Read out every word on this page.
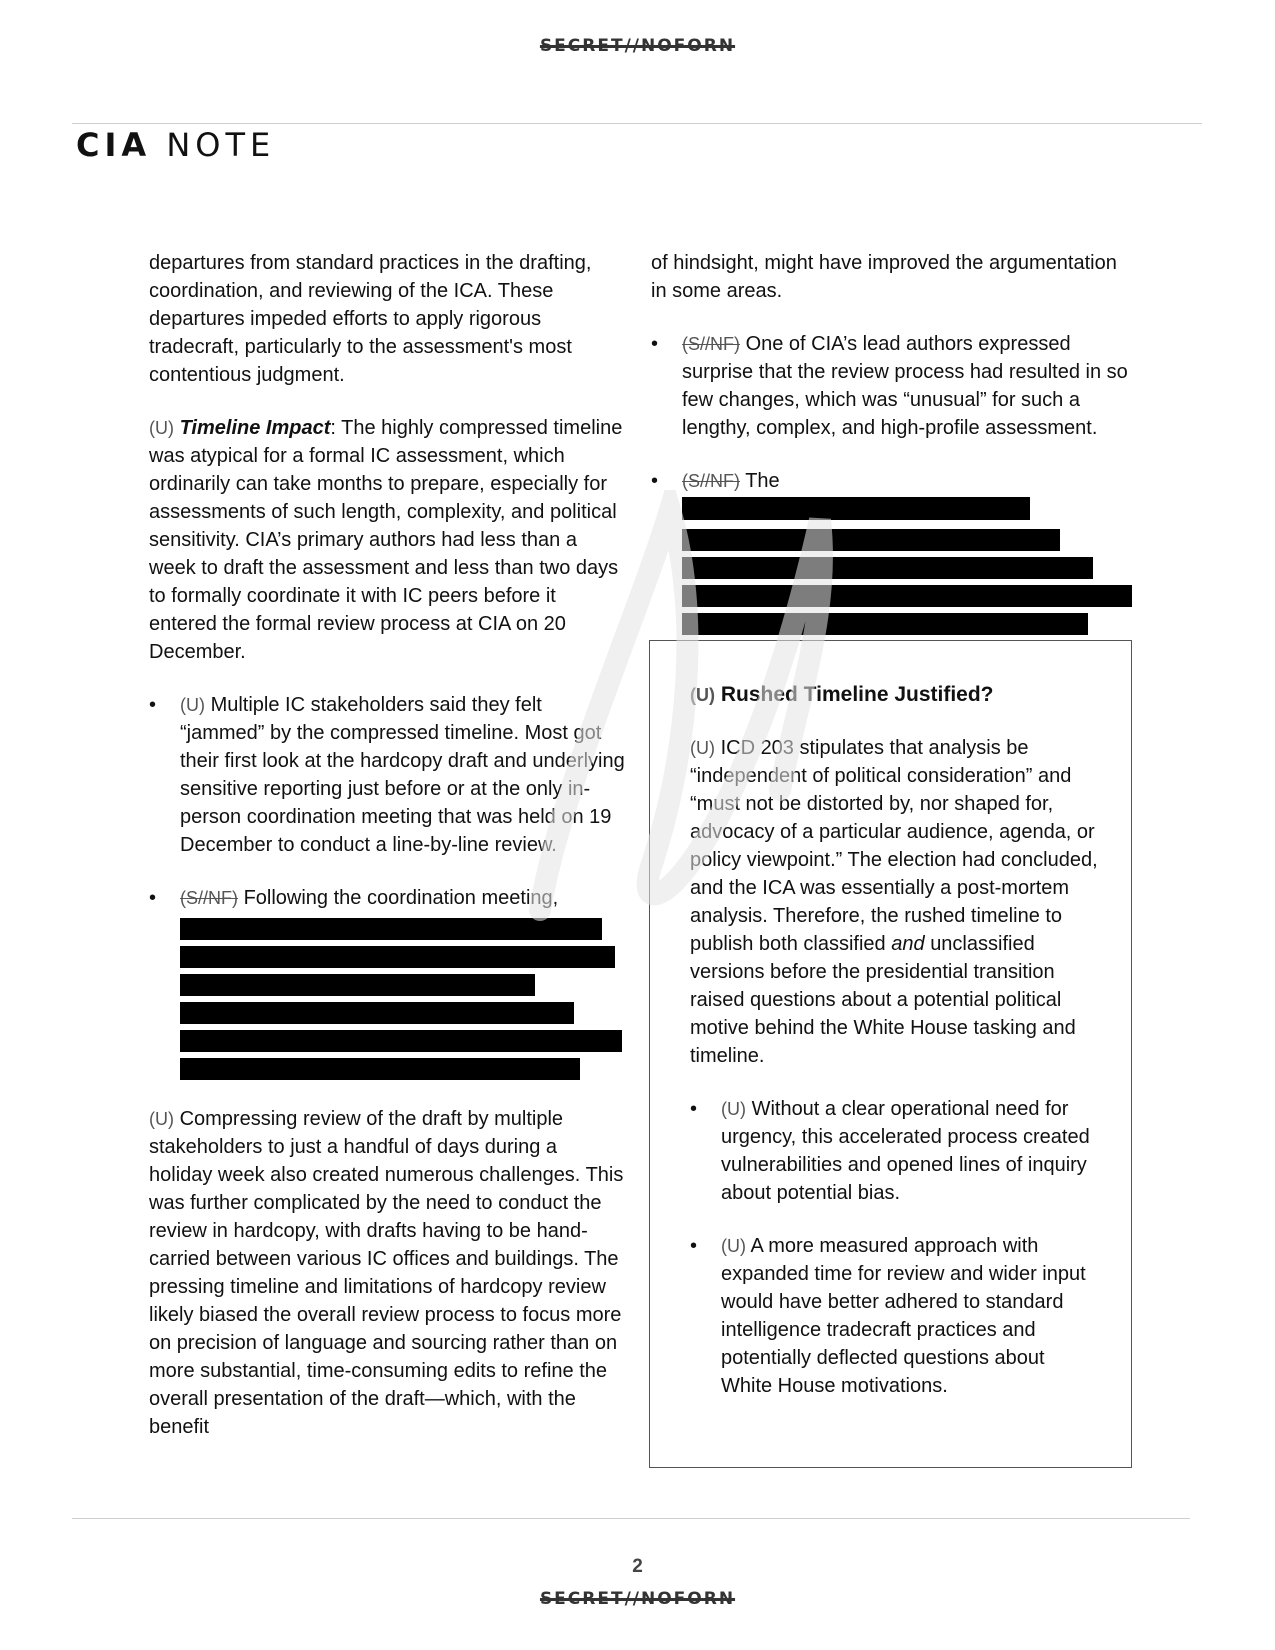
SECRET//NOFORN
CIA NOTE

departures from standard practices in the drafting, coordination, and reviewing of the ICA. These departures impeded efforts to apply rigorous tradecraft, particularly to the assessment's most contentious judgment.

(U) Timeline Impact: The highly compressed timeline was atypical for a formal IC assessment, which ordinarily can take months to prepare, especially for assessments of such length, complexity, and political sensitivity. CIA’s primary authors had less than a week to draft the assessment and less than two days to formally coordinate it with IC peers before it entered the formal review process at CIA on 20 December.

• (U) Multiple IC stakeholders said they felt “jammed” by the compressed timeline. Most got their first look at the hardcopy draft and underlying sensitive reporting just before or at the only in-person coordination meeting that was held on 19 December to conduct a line-by-line review.
• (S//NF) Following the coordination meeting,

(U) Compressing review of the draft by multiple stakeholders to just a handful of days during a holiday week also created numerous challenges. This was further complicated by the need to conduct the review in hardcopy, with drafts having to be hand-carried between various IC offices and buildings. The pressing timeline and limitations of hardcopy review likely biased the overall review process to focus more on precision of language and sourcing rather than on more substantial, time-consuming edits to refine the overall presentation of the draft—which, with the benefit

of hindsight, might have improved the argumentation in some areas.

• (S//NF) One of CIA’s lead authors expressed surprise that the review process had resulted in so few changes, which was “unusual” for such a lengthy, complex, and high-profile assessment.
• (S//NF) The
(U) Rushed Timeline Justified?

(U) ICD 203 stipulates that analysis be “independent of political consideration” and “must not be distorted by, nor shaped for, advocacy of a particular audience, agenda, or policy viewpoint.” The election had concluded, and the ICA was essentially a post-mortem analysis. Therefore, the rushed timeline to publish both classified and unclassified versions before the presidential transition raised questions about a potential political motive behind the White House tasking and timeline.

• (U) Without a clear operational need for urgency, this accelerated process created vulnerabilities and opened lines of inquiry about potential bias.
• (U) A more measured approach with expanded time for review and wider input would have better adhered to standard intelligence tradecraft practices and potentially deflected questions about White House motivations.
2
SECRET//NOFORN
